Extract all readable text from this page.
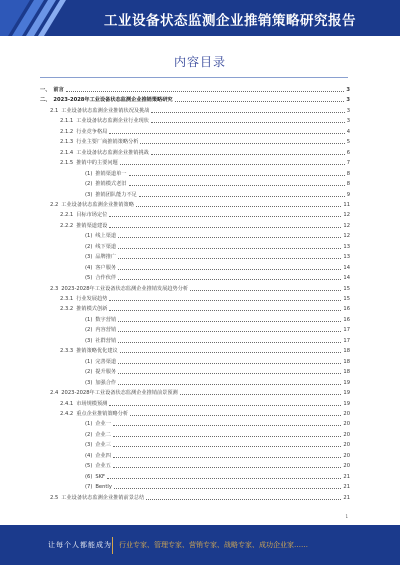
工业设备状态监测企业推销策略研究报告
内容目录
一、 前言	3
二、 2023-2028年工业设备状态监测企业推销策略研究	3
2.1 工业设备状态监测企业推销状况及挑战	3
2.1.1 工业设备状态监测企业行业现状	3
2.1.2 行业竞争格局	4
2.1.3 行业主要厂商推销策略分析	5
2.1.4 工业设备状态监测企业推销挑战	6
2.1.5 推销中的主要问题	7
(1) 推销渠道单一	8
(2) 推销模式老旧	8
(3) 推销团队能力不足	9
2.2 工业设备状态监测企业推销策略	11
2.2.1 目标市场定位	12
2.2.2 推销渠道建设	12
(1) 线上渠道	12
(2) 线下渠道	13
(3) 品牌推广	13
(4) 客户服务	14
(5) 合作伙伴	14
2.3 2023-2028年工业设备状态监测企业推销发展趋势分析	15
2.3.1 行业发展趋势	15
2.3.2 推销模式创新	16
(1) 数字营销	16
(2) 内容营销	17
(3) 社群营销	17
2.3.3 推销策略优化建议	18
(1) 完善渠道	18
(2) 提升服务	18
(3) 加强合作	19
2.4 2023-2028年工业设备状态监测企业推销前景预测	19
2.4.1 市场规模预测	19
2.4.2 重点企业推销策略分析	20
(1) 企业一	20
(2) 企业二	20
(3) 企业三	20
(4) 企业四	20
(5) 企业五	20
(6) SKF	21
(7) Bently	21
2.5 工业设备状态监测企业推销前景总结	21
1
让每个人都能成为 行业专家、管理专家、营销专家、战略专家、成功企业家……
